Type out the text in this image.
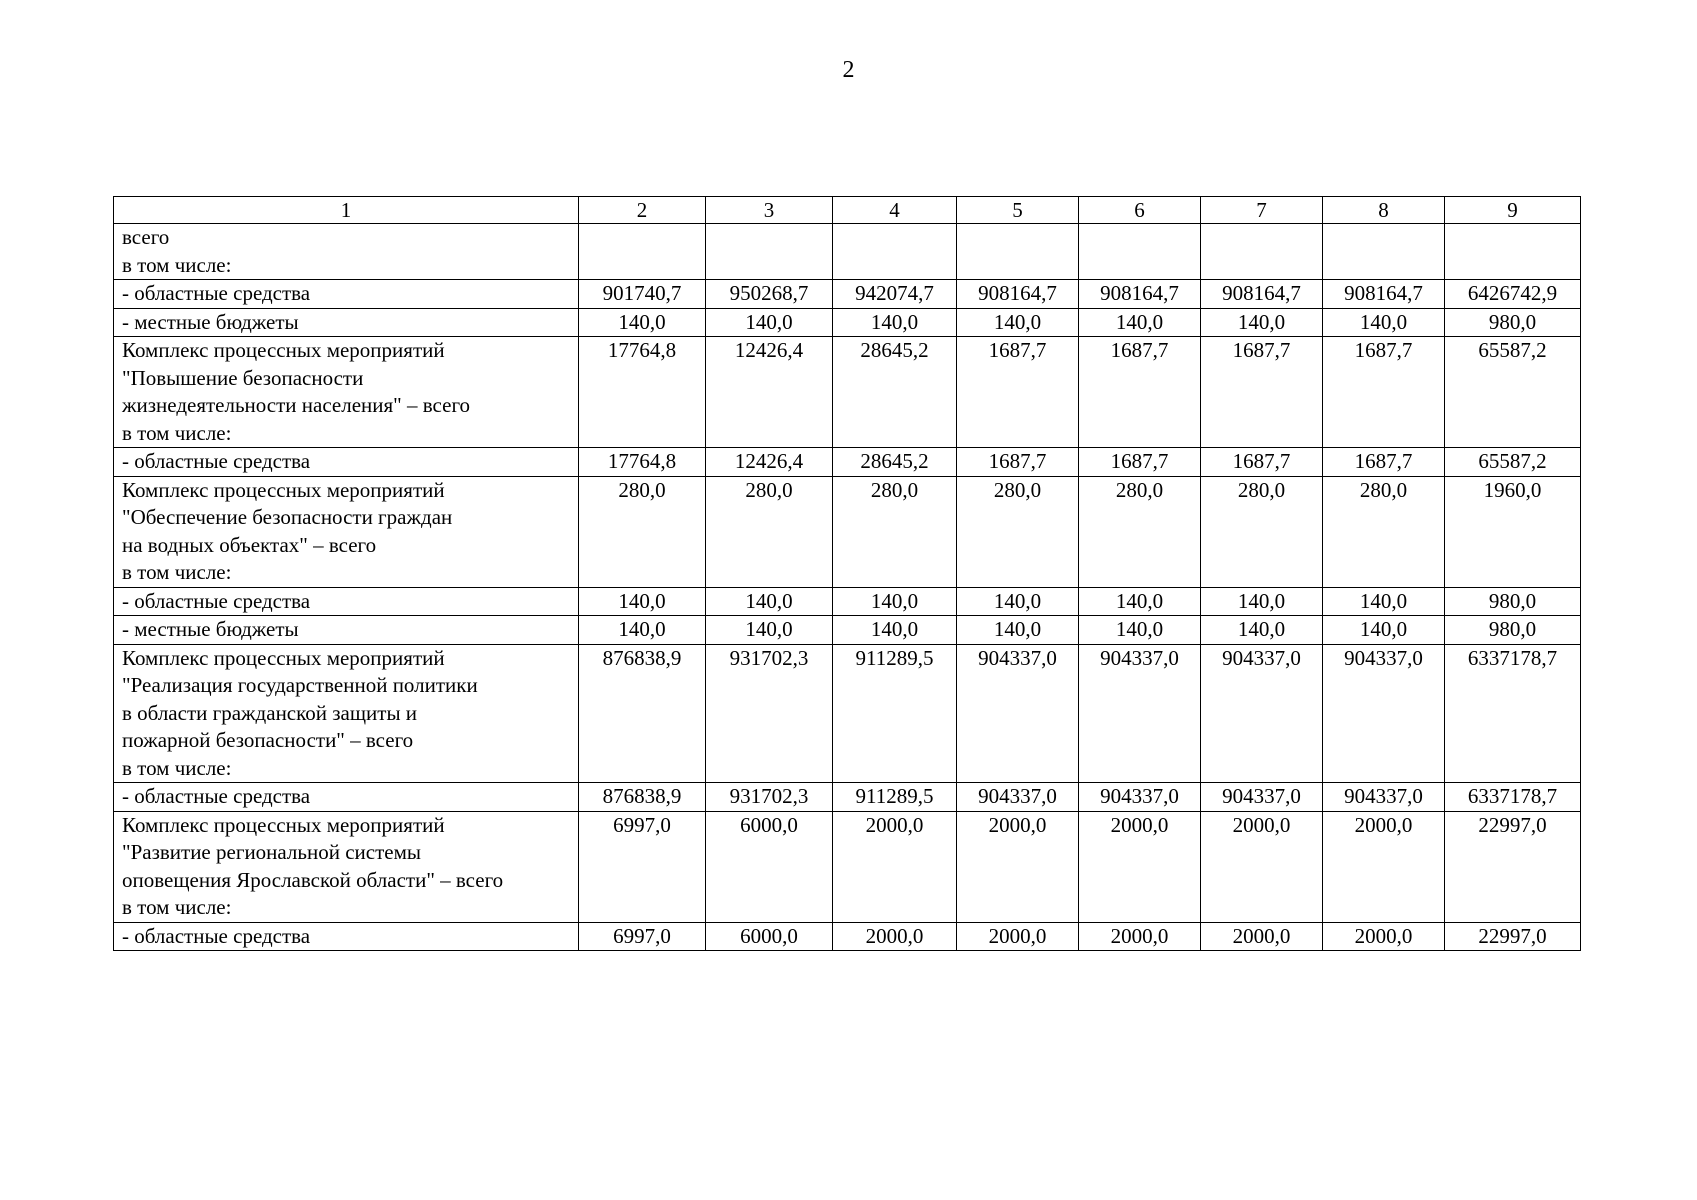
2
1	2	3	4	5	6	7	8	9

всего
в том числе:								

- областные средства	901740,7	950268,7	942074,7	908164,7	908164,7	908164,7	908164,7	6426742,9

- местные бюджеты	140,0	140,0	140,0	140,0	140,0	140,0	140,0	980,0

Комплекс процессных мероприятий
"Повышение безопасности
жизнедеятельности населения" – всего
в том числе:	17764,8	12426,4	28645,2	1687,7	1687,7	1687,7	1687,7	65587,2

- областные средства	17764,8	12426,4	28645,2	1687,7	1687,7	1687,7	1687,7	65587,2

Комплекс процессных мероприятий
"Обеспечение безопасности граждан
на водных объектах" – всего
в том числе:	280,0	280,0	280,0	280,0	280,0	280,0	280,0	1960,0

- областные средства	140,0	140,0	140,0	140,0	140,0	140,0	140,0	980,0

- местные бюджеты	140,0	140,0	140,0	140,0	140,0	140,0	140,0	980,0

Комплекс процессных мероприятий
"Реализация государственной политики
в области гражданской защиты и
пожарной безопасности" – всего
в том числе:	876838,9	931702,3	911289,5	904337,0	904337,0	904337,0	904337,0	6337178,7

- областные средства	876838,9	931702,3	911289,5	904337,0	904337,0	904337,0	904337,0	6337178,7

Комплекс процессных мероприятий
"Развитие региональной системы
оповещения Ярославской области" – всего
в том числе:	6997,0	6000,0	2000,0	2000,0	2000,0	2000,0	2000,0	22997,0

- областные средства	6997,0	6000,0	2000,0	2000,0	2000,0	2000,0	2000,0	22997,0
